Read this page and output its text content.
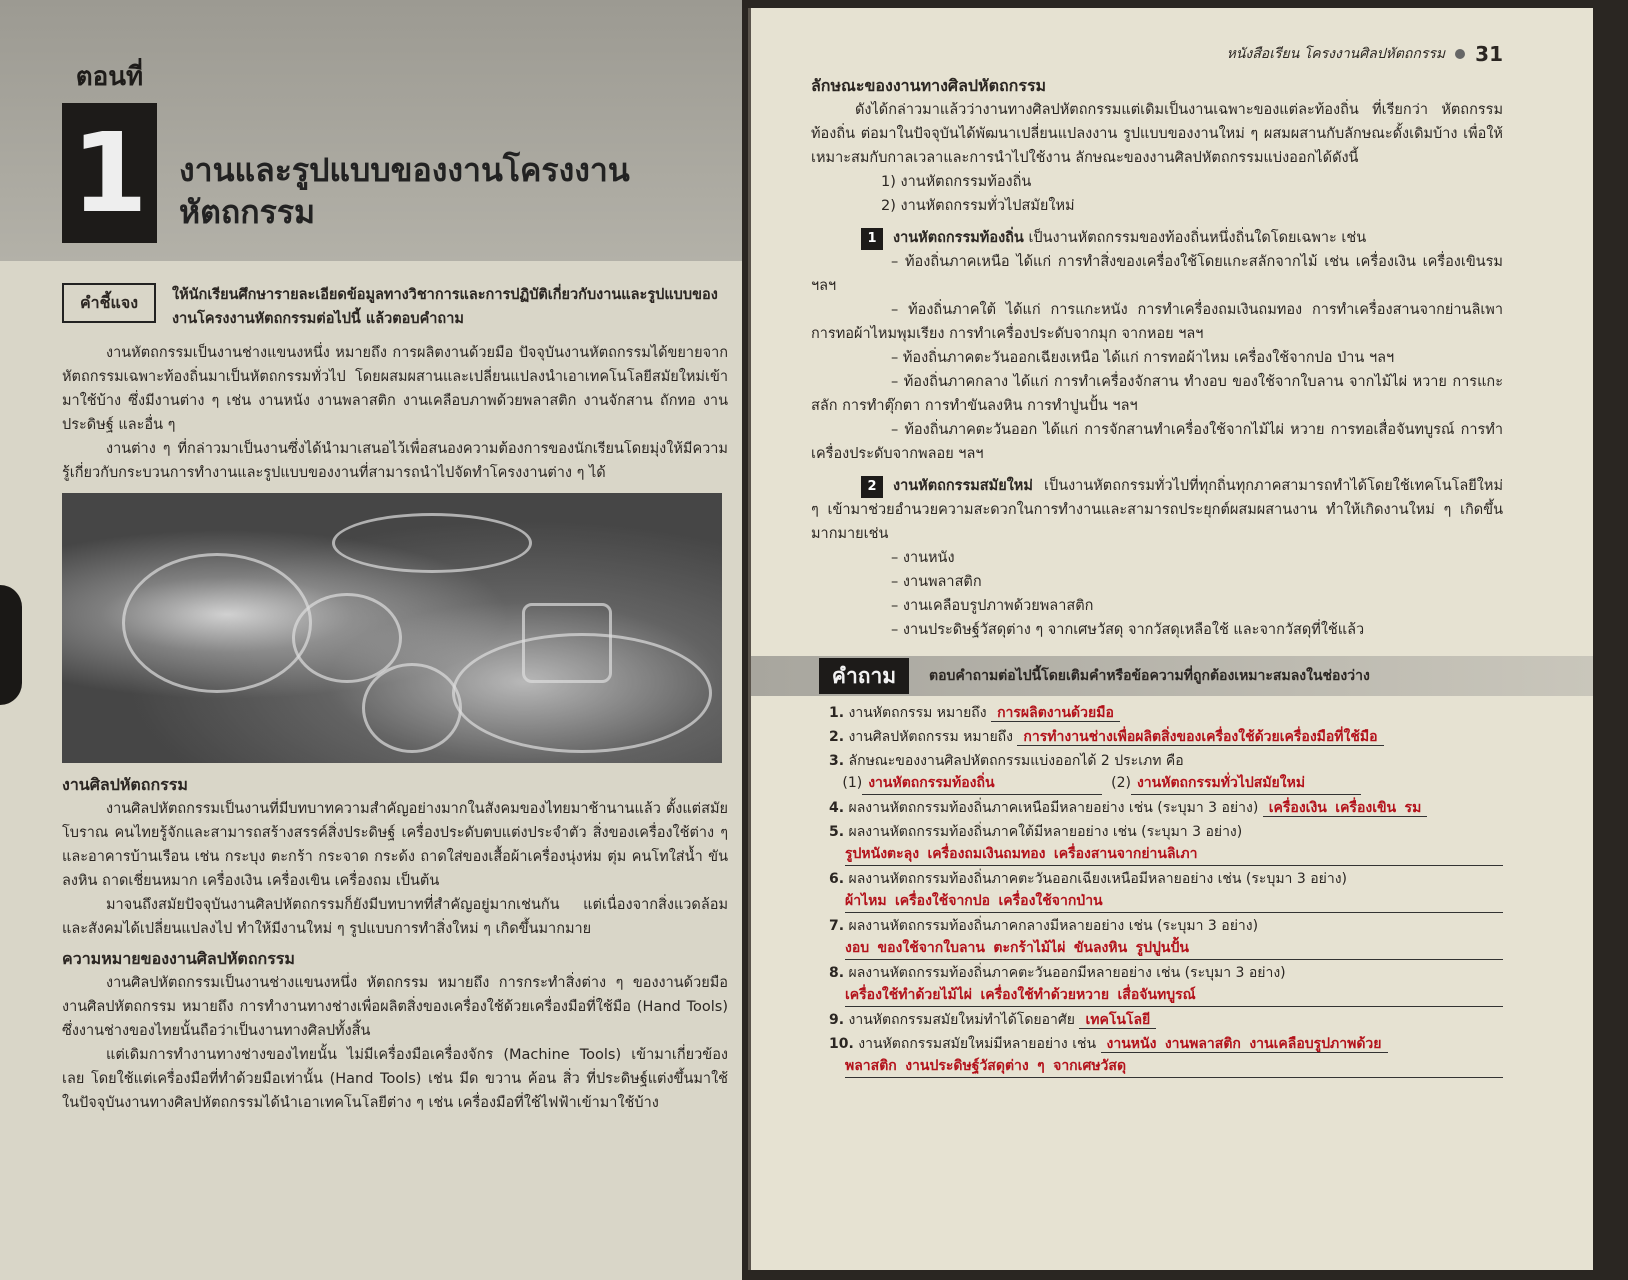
ตอนที่
1 งานและรูปแบบของงานโครงงานหัตถกรรม
คำชี้แจง	ให้นักเรียนศึกษารายละเอียดข้อมูลทางวิชาการและการปฏิบัติเกี่ยวกับงานและรูปแบบของงานโครงงานหัตถกรรมต่อไปนี้ แล้วตอบคำถาม

งานหัตถกรรมเป็นงานช่างแขนงหนึ่ง หมายถึง การผลิตงานด้วยมือ ปัจจุบันงานหัตถกรรมได้ขยายจากหัตถกรรมเฉพาะท้องถิ่นมาเป็นหัตถกรรมทั่วไป โดยผสมผสานและเปลี่ยนแปลงนำเอาเทคโนโลยีสมัยใหม่เข้ามาใช้บ้าง ซึ่งมีงานต่าง ๆ เช่น งานหนัง งานพลาสติก งานเคลือบภาพด้วยพลาสติก งานจักสาน ถักทอ งานประดิษฐ์ และอื่น ๆ

งานต่าง ๆ ที่กล่าวมาเป็นงานซึ่งได้นำมาเสนอไว้เพื่อสนองความต้องการของนักเรียนโดยมุ่งให้มีความรู้เกี่ยวกับกระบวนการทำงานและรูปแบบของงานที่สามารถนำไปจัดทำโครงงานต่าง ๆ ได้

งานศิลปหัตถกรรม

งานศิลปหัตถกรรมเป็นงานที่มีบทบาทความสำคัญอย่างมากในสังคมของไทยมาช้านานแล้ว ตั้งแต่สมัยโบราณ คนไทยรู้จักและสามารถสร้างสรรค์สิ่งประดิษฐ์ เครื่องประดับตบแต่งประจำตัว สิ่งของเครื่องใช้ต่าง ๆ และอาคารบ้านเรือน เช่น กระบุง ตะกร้า กระจาด กระด้ง ถาดใส่ของเสื้อผ้าเครื่องนุ่งห่ม ตุ่ม คนโทใส่น้ำ ขันลงหิน ถาดเชี่ยนหมาก เครื่องเงิน เครื่องเขิน เครื่องถม เป็นต้น

มาจนถึงสมัยปัจจุบันงานศิลปหัตถกรรมก็ยังมีบทบาทที่สำคัญอยู่มากเช่นกัน แต่เนื่องจากสิ่งแวดล้อมและสังคมได้เปลี่ยนแปลงไป ทำให้มีงานใหม่ ๆ รูปแบบการทำสิ่งใหม่ ๆ เกิดขึ้นมากมาย

ความหมายของงานศิลปหัตถกรรม

งานศิลปหัตถกรรมเป็นงานช่างแขนงหนึ่ง หัตถกรรม หมายถึง การกระทำสิ่งต่าง ๆ ของงานด้วยมือ งานศิลปหัตถกรรม หมายถึง การทำงานทางช่างเพื่อผลิตสิ่งของเครื่องใช้ด้วยเครื่องมือที่ใช้มือ (Hand Tools) ซึ่งงานช่างของไทยนั้นถือว่าเป็นงานทางศิลปทั้งสิ้น

แต่เดิมการทำงานทางช่างของไทยนั้น ไม่มีเครื่องมือเครื่องจักร (Machine Tools) เข้ามาเกี่ยวข้องเลย โดยใช้แต่เครื่องมือที่ทำด้วยมือเท่านั้น (Hand Tools) เช่น มีด ขวาน ค้อน สิ่ว ที่ประดิษฐ์แต่งขึ้นมาใช้ ในปัจจุบันงานทางศิลปหัตถกรรมได้นำเอาเทคโนโลยีต่าง ๆ เช่น เครื่องมือที่ใช้ไฟฟ้าเข้ามาใช้บ้าง

หนังสือเรียน โครงงานศิลปหัตถกรรม 31

ลักษณะของงานทางศิลปหัตถกรรม

ดังได้กล่าวมาแล้วว่างานทางศิลปหัตถกรรมแต่เดิมเป็นงานเฉพาะของแต่ละท้องถิ่น ที่เรียกว่า หัตถกรรมท้องถิ่น ต่อมาในปัจจุบันได้พัฒนาเปลี่ยนแปลงงาน รูปแบบของงานใหม่ ๆ ผสมผสานกับลักษณะดั้งเดิมบ้าง เพื่อให้เหมาะสมกับกาลเวลาและการนำไปใช้งาน ลักษณะของงานศิลปหัตถกรรมแบ่งออกได้ดังนี้

1) งานหัตถกรรมท้องถิ่น

2) งานหัตถกรรมทั่วไปสมัยใหม่

1 งานหัตถกรรมท้องถิ่น เป็นงานหัตถกรรมของท้องถิ่นหนึ่งถิ่นใดโดยเฉพาะ เช่น

– ท้องถิ่นภาคเหนือ ได้แก่ การทำสิ่งของเครื่องใช้โดยแกะสลักจากไม้ เช่น เครื่องเงิน เครื่องเขินรม ฯลฯ

– ท้องถิ่นภาคใต้ ได้แก่ การแกะหนัง การทำเครื่องถมเงินถมทอง การทำเครื่องสานจากย่านลิเพา การทอผ้าไหมพุมเรียง การทำเครื่องประดับจากมุก จากหอย ฯลฯ

– ท้องถิ่นภาคตะวันออกเฉียงเหนือ ได้แก่ การทอผ้าไหม เครื่องใช้จากปอ ป่าน ฯลฯ

– ท้องถิ่นภาคกลาง ได้แก่ การทำเครื่องจักสาน ทำงอบ ของใช้จากใบลาน จากไม้ไผ่ หวาย การแกะสลัก การทำตุ๊กตา การทำขันลงหิน การทำปูนปั้น ฯลฯ

– ท้องถิ่นภาคตะวันออก ได้แก่ การจักสานทำเครื่องใช้จากไม้ไผ่ หวาย การทอเสื่อจันทบูรณ์ การทำเครื่องประดับจากพลอย ฯลฯ

2 งานหัตถกรรมสมัยใหม่ เป็นงานหัตถกรรมทั่วไปที่ทุกถิ่นทุกภาคสามารถทำได้โดยใช้เทคโนโลยีใหม่ ๆ เข้ามาช่วยอำนวยความสะดวกในการทำงานและสามารถประยุกต์ผสมผสานงาน ทำให้เกิดงานใหม่ ๆ เกิดขึ้นมากมายเช่น

– งานหนัง

– งานพลาสติก

– งานเคลือบรูปภาพด้วยพลาสติก

– งานประดิษฐ์วัสดุต่าง ๆ จากเศษวัสดุ จากวัสดุเหลือใช้ และจากวัสดุที่ใช้แล้ว

คำถาม	ตอบคำถามต่อไปนี้โดยเติมคำหรือข้อความที่ถูกต้องเหมาะสมลงในช่องว่าง
1. งานหัตถกรรม หมายถึง การผลิตงานด้วยมือ
2. งานศิลปหัตถกรรม หมายถึง การทำงานช่างเพื่อผลิตสิ่งของเครื่องใช้ด้วยเครื่องมือที่ใช้มือ
3. ลักษณะของงานศิลปหัตถกรรมแบ่งออกได้ 2 ประเภท คือ
(1) งานหัตถกรรมท้องถิ่น	(2) งานหัตถกรรมทั่วไปสมัยใหม่
4. ผลงานหัตถกรรมท้องถิ่นภาคเหนือมีหลายอย่าง เช่น (ระบุมา 3 อย่าง) เครื่องเงิน เครื่องเขิน รม
5. ผลงานหัตถกรรมท้องถิ่นภาคใต้มีหลายอย่าง เช่น (ระบุมา 3 อย่าง)
รูปหนังตะลุง เครื่องถมเงินถมทอง เครื่องสานจากย่านลิเภา
6. ผลงานหัตถกรรมท้องถิ่นภาคตะวันออกเฉียงเหนือมีหลายอย่าง เช่น (ระบุมา 3 อย่าง)
ผ้าไหม เครื่องใช้จากปอ เครื่องใช้จากป่าน
7. ผลงานหัตถกรรมท้องถิ่นภาคกลางมีหลายอย่าง เช่น (ระบุมา 3 อย่าง)
งอบ ของใช้จากใบลาน ตะกร้าไม้ไผ่ ขันลงหิน รูปปูนปั้น
8. ผลงานหัตถกรรมท้องถิ่นภาคตะวันออกมีหลายอย่าง เช่น (ระบุมา 3 อย่าง)
เครื่องใช้ทำด้วยไม้ไผ่ เครื่องใช้ทำด้วยหวาย เสื่อจันทบูรณ์
9. งานหัตถกรรมสมัยใหม่ทำได้โดยอาศัย เทคโนโลยี
10. งานหัตถกรรมสมัยใหม่มีหลายอย่าง เช่น งานหนัง งานพลาสติก งานเคลือบรูปภาพด้วย
พลาสติก งานประดิษฐ์วัสดุต่าง ๆ จากเศษวัสดุ
